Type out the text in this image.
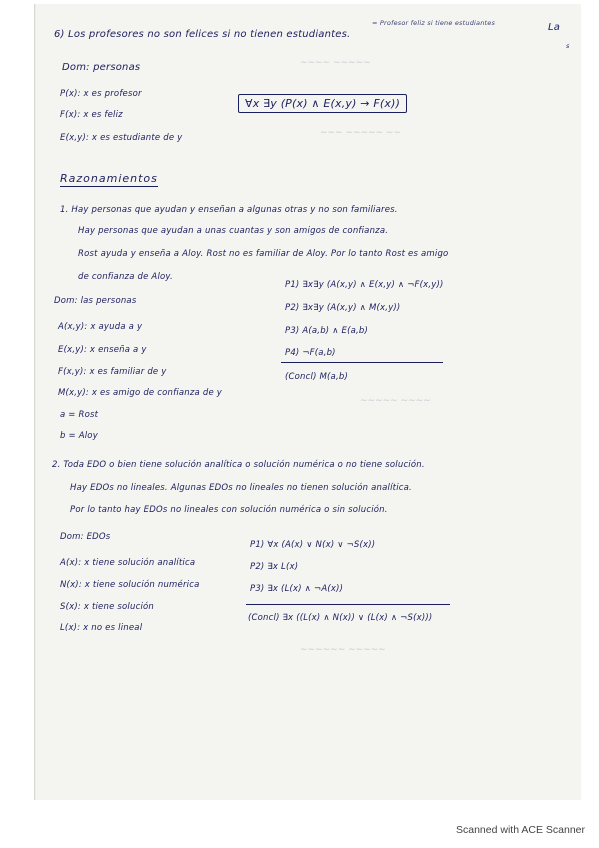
∼∼∼∼ ∼∼∼∼∼
∼∼∼ ∼∼∼∼∼ ∼∼
∼∼∼∼∼ ∼∼∼∼
∼∼∼∼∼∼ ∼∼∼∼∼
6) Los profesores no son felices si no tienen estudiantes.
= Profesor feliz si tiene estudiantes	La
s
Dom: personas
P(x): x es profesor
F(x): x es feliz
E(x,y): x es estudiante de y
∀x ∃y (P(x) ∧ E(x,y) → F(x))
Razonamientos
1. Hay personas que ayudan y enseñan a algunas otras y no son familiares.
Hay personas que ayudan a unas cuantas y son amigos de confianza.
Rost ayuda y enseña a Aloy. Rost no es familiar de Aloy. Por lo tanto Rost es amigo
de confianza de Aloy.
Dom: las personas
A(x,y): x ayuda a y
E(x,y): x enseña a y
F(x,y): x es familiar de y
M(x,y): x es amigo de confianza de y
a = Rost
b = Aloy
P1) ∃x∃y (A(x,y) ∧ E(x,y) ∧ ¬F(x,y))
P2) ∃x∃y (A(x,y) ∧ M(x,y))
P3) A(a,b) ∧ E(a,b)
P4) ¬F(a,b)
(Concl) M(a,b)
2. Toda EDO o bien tiene solución analítica o solución numérica o no tiene solución.
Hay EDOs no lineales. Algunas EDOs no lineales no tienen solución analítica.
Por lo tanto hay EDOs no lineales con solución numérica o sin solución.
Dom: EDOs
A(x): x tiene solución analítica
N(x): x tiene solución numérica
S(x): x tiene solución
L(x): x no es lineal
P1) ∀x (A(x) ∨ N(x) ∨ ¬S(x))
P2) ∃x L(x)
P3) ∃x (L(x) ∧ ¬A(x))
(Concl) ∃x ((L(x) ∧ N(x)) ∨ (L(x) ∧ ¬S(x)))
Scanned with ACE Scanner
